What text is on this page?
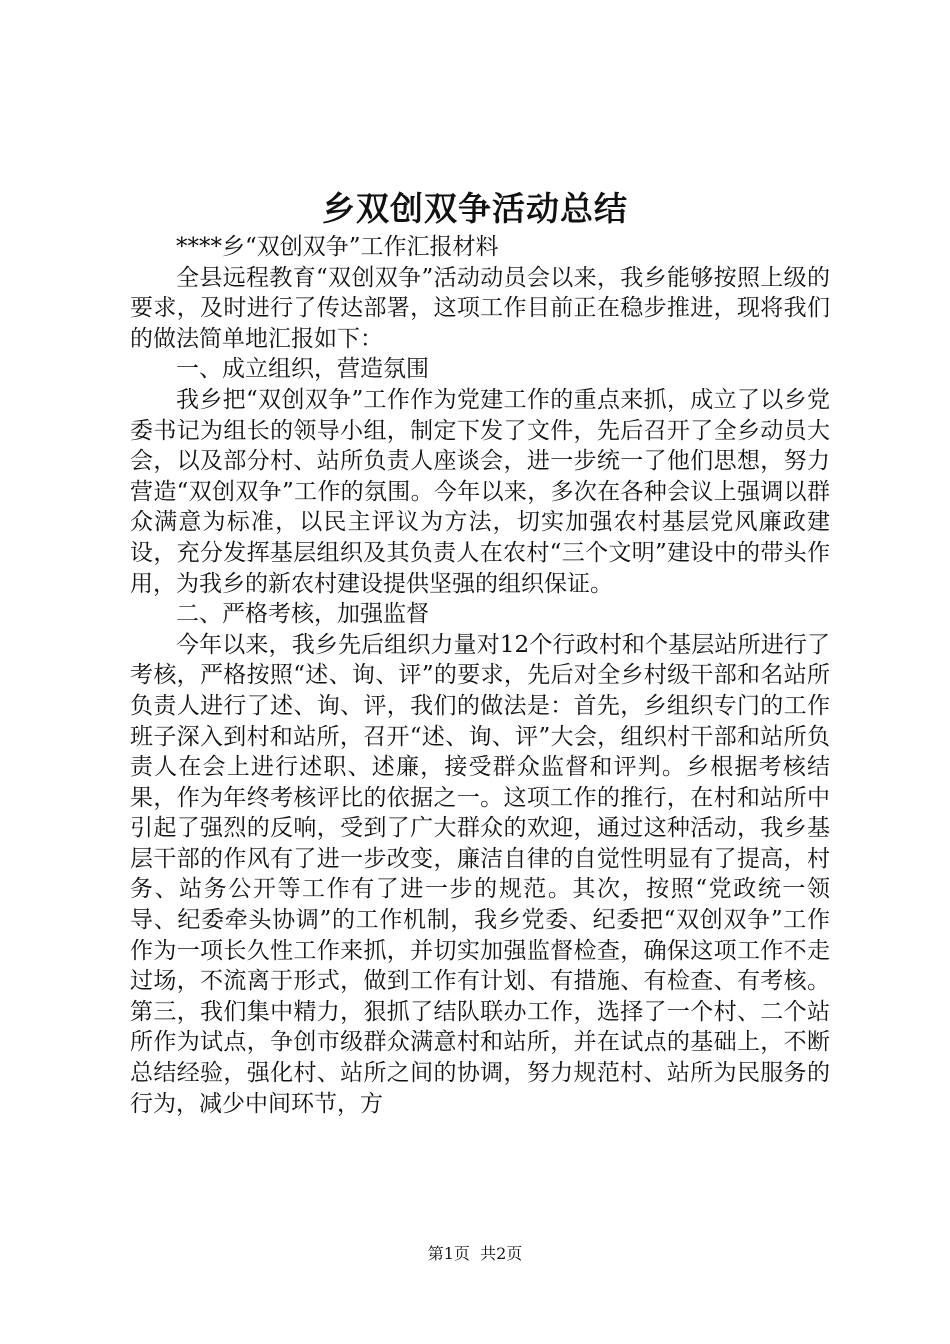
乡双创双争活动总结

****乡“双创双争”工作汇报材料

全县远程教育“双创双争”活动动员会以来，我乡能够按照上级的要求，及时进行了传达部署，这项工作目前正在稳步推进，现将我们的做法简单地汇报如下：

一、成立组织，营造氛围

我乡把“双创双争”工作作为党建工作的重点来抓，成立了以乡党委书记为组长的领导小组，制定下发了文件，先后召开了全乡动员大会，以及部分村、站所负责人座谈会，进一步统一了他们思想，努力营造“双创双争”工作的氛围。今年以来，多次在各种会议上强调以群众满意为标准，以民主评议为方法，切实加强农村基层党风廉政建设，充分发挥基层组织及其负责人在农村“三个文明”建设中的带头作用，为我乡的新农村建设提供坚强的组织保证。

二、严格考核，加强监督

今年以来，我乡先后组织力量对12个行政村和个基层站所进行了考核，严格按照“述、询、评”的要求，先后对全乡村级干部和名站所负责人进行了述、询、评，我们的做法是：首先，乡组织专门的工作班子深入到村和站所，召开“述、询、评”大会，组织村干部和站所负责人在会上进行述职、述廉，接受群众监督和评判。乡根据考核结果，作为年终考核评比的依据之一。这项工作的推行，在村和站所中引起了强烈的反响，受到了广大群众的欢迎，通过这种活动，我乡基层干部的作风有了进一步改变，廉洁自律的自觉性明显有了提高，村务、站务公开等工作有了进一步的规范。其次，按照“党政统一领导、纪委牵头协调”的工作机制，我乡党委、纪委把“双创双争”工作作为一项长久性工作来抓，并切实加强监督检查，确保这项工作不走过场，不流离于形式，做到工作有计划、有措施、有检查、有考核。第三，我们集中精力，狠抓了结队联办工作，选择了一个村、二个站所作为试点，争创市级群众满意村和站所，并在试点的基础上，不断总结经验，强化村、站所之间的协调，努力规范村、站所为民服务的行为，减少中间环节，方

第1页 共2页
